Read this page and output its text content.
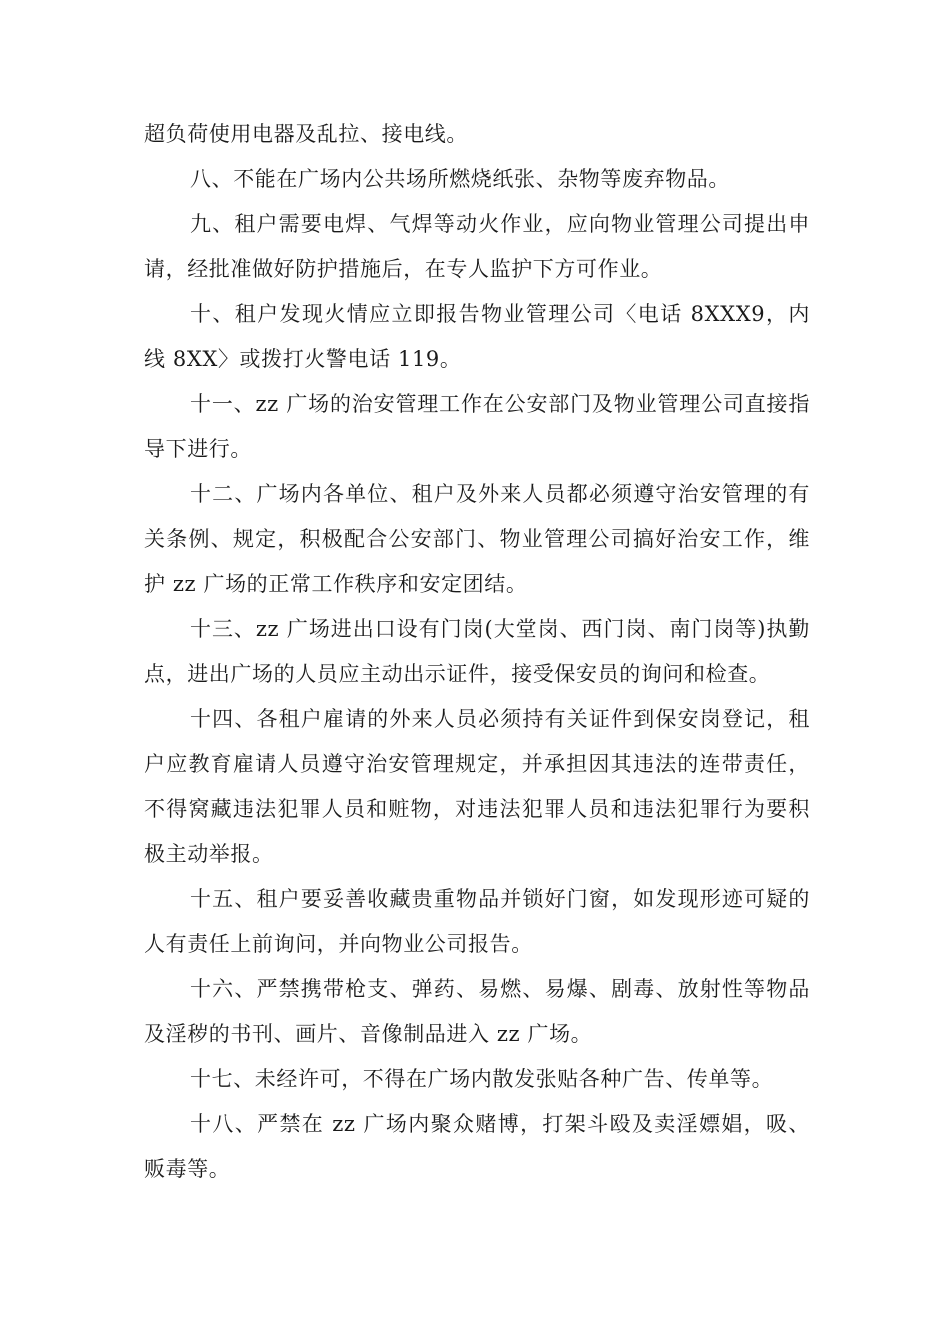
超负荷使用电器及乱拉、接电线。

八、不能在广场内公共场所燃烧纸张、杂物等废弃物品。

九、租户需要电焊、气焊等动火作业，应向物业管理公司提出申请，经批准做好防护措施后，在专人监护下方可作业。

十、租户发现火情应立即报告物业管理公司〈电话 8XXX9，内线 8XX〉或拨打火警电话 119。

十一、zz 广场的治安管理工作在公安部门及物业管理公司直接指导下进行。

十二、广场内各单位、租户及外来人员都必须遵守治安管理的有关条例、规定，积极配合公安部门、物业管理公司搞好治安工作，维护 zz 广场的正常工作秩序和安定团结。

十三、zz 广场进出口设有门岗(大堂岗、西门岗、南门岗等)执勤点，进出广场的人员应主动出示证件，接受保安员的询问和检查。

十四、各租户雇请的外来人员必须持有关证件到保安岗登记，租户应教育雇请人员遵守治安管理规定，并承担因其违法的连带责任，不得窝藏违法犯罪人员和赃物，对违法犯罪人员和违法犯罪行为要积极主动举报。

十五、租户要妥善收藏贵重物品并锁好门窗，如发现形迹可疑的人有责任上前询问，并向物业公司报告。

十六、严禁携带枪支、弹药、易燃、易爆、剧毒、放射性等物品及淫秽的书刊、画片、音像制品进入 zz 广场。

十七、未经许可，不得在广场内散发张贴各种广告、传单等。

十八、严禁在 zz 广场内聚众赌博，打架斗殴及卖淫嫖娼，吸、贩毒等。
